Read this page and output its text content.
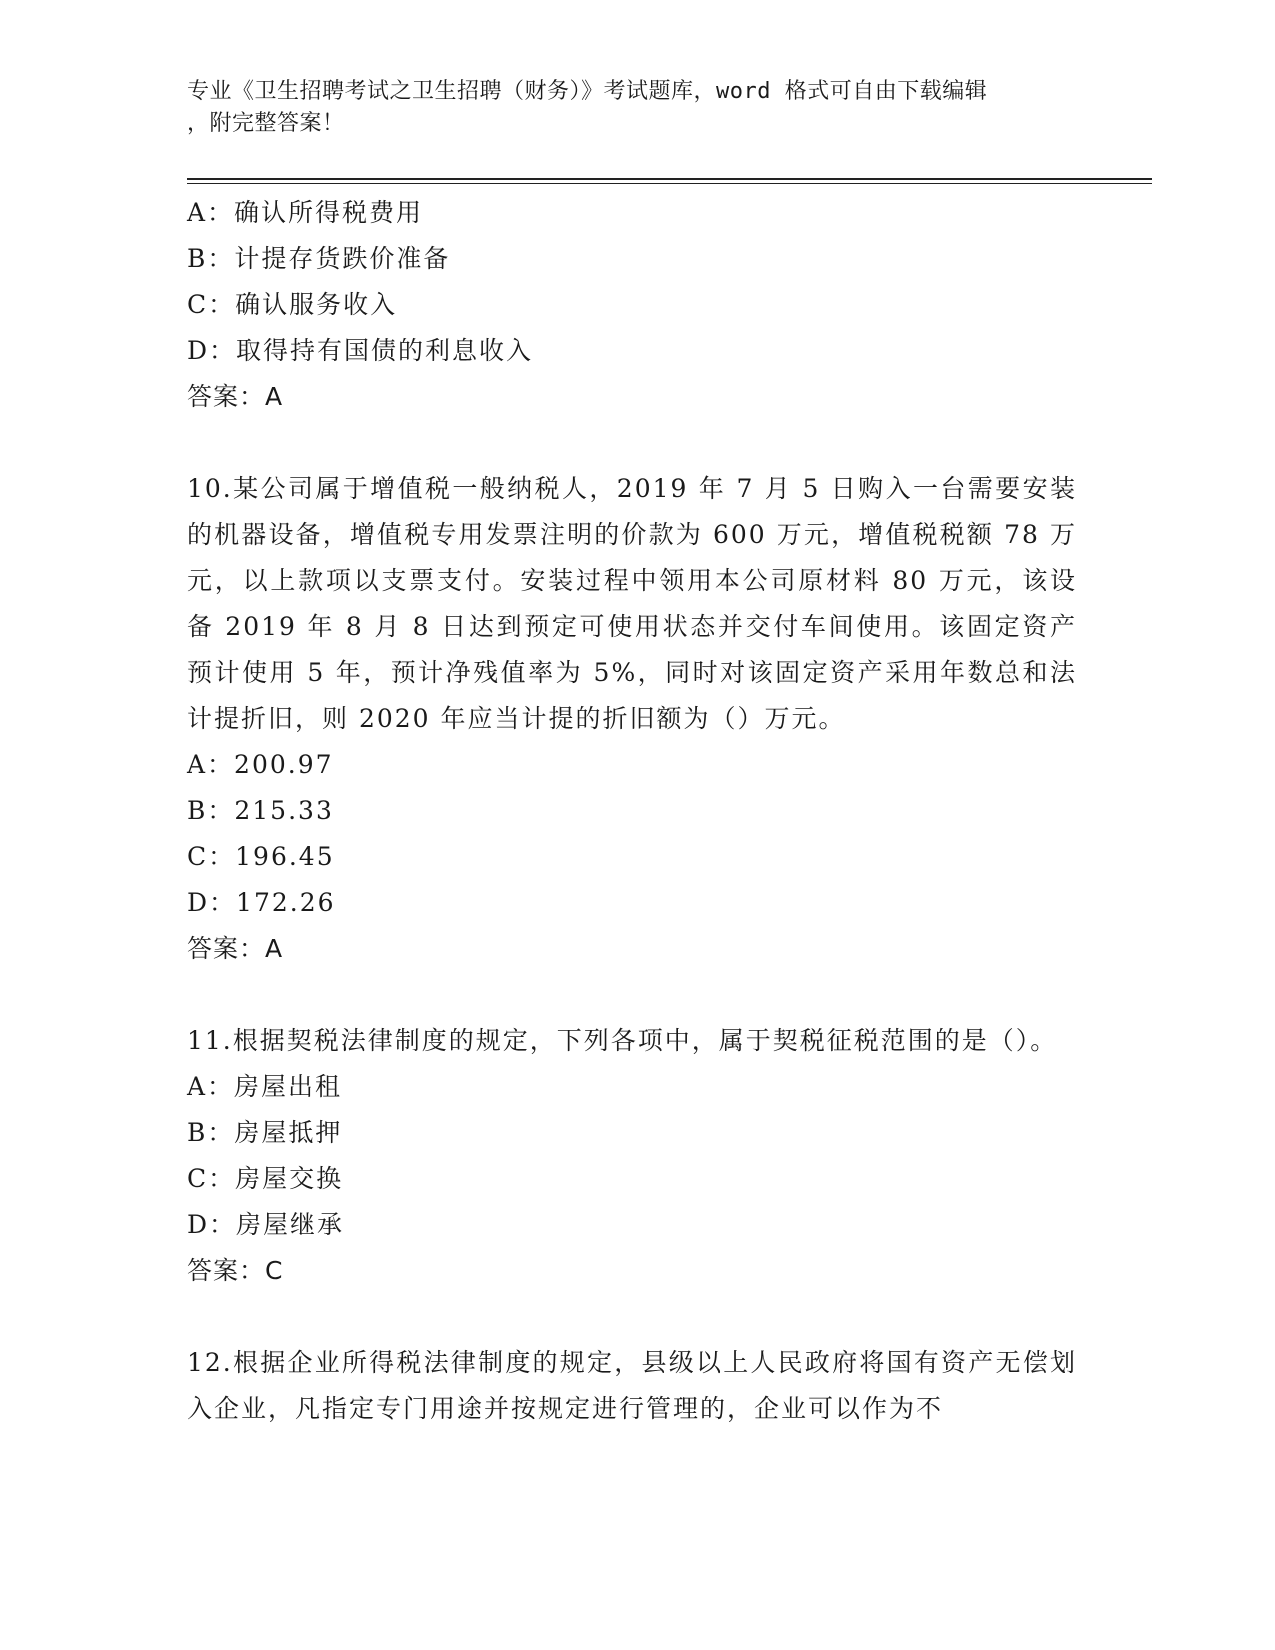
专业《卫生招聘考试之卫生招聘（财务）》考试题库，word 格式可自由下载编辑
，附完整答案！
A：确认所得税费用
B：计提存货跌价准备
C：确认服务收入
D：取得持有国债的利息收入
答案：A
10.某公司属于增值税一般纳税人，2019 年 7 月 5 日购入一台需要安装的机器设备，增值税专用发票注明的价款为 600 万元，增值税税额 78 万元，以上款项以支票支付。安装过程中领用本公司原材料 80 万元，该设备 2019 年 8 月 8 日达到预定可使用状态并交付车间使用。该固定资产预计使用 5 年，预计净残值率为 5%，同时对该固定资产采用年数总和法计提折旧，则 2020 年应当计提的折旧额为（）万元。
A：200.97
B：215.33
C：196.45
D：172.26
答案：A
11.根据契税法律制度的规定，下列各项中，属于契税征税范围的是（）。
A：房屋出租
B：房屋抵押
C：房屋交换
D：房屋继承
答案：C
12.根据企业所得税法律制度的规定，县级以上人民政府将国有资产无偿划入企业，凡指定专门用途并按规定进行管理的，企业可以作为不
